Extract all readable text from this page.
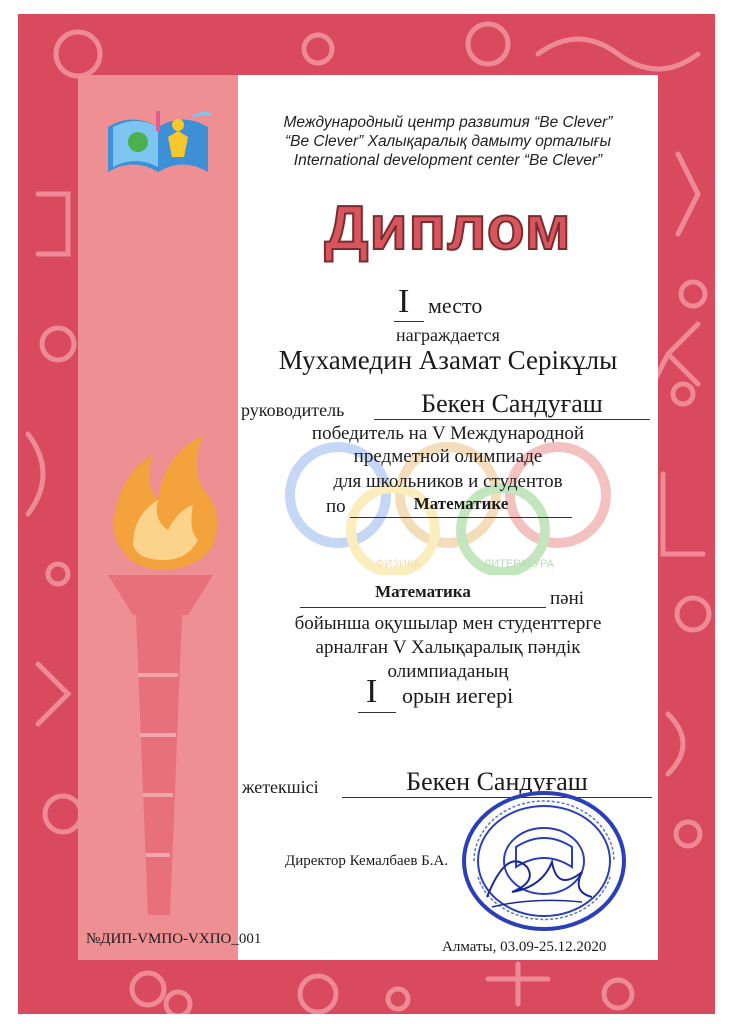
Международный центр развития “Be Clever”
“Be Clever” Халықаралық дамыту орталығы
International development center “Be Clever”
Диплом
ФИЗИКА	ЛИТЕРАТУРА
I место
награждается
Мухамедин Азамат Серікұлы
руководитель	Бекен Сандуғаш
победитель на V Международной
предметной олимпиаде
для школьников и студентов
по	Математике
Математика	пәні
бойынша оқушылар мен студенттерге
арналған V Халықаралық пәндік
олимпиаданың
I орын иегері
жетекшісі	Бекен Сандуғаш
Директор Кемалбаев Б.А.
№ДИП-VМПО-VХПО_001	Алматы, 03.09-25.12.2020
